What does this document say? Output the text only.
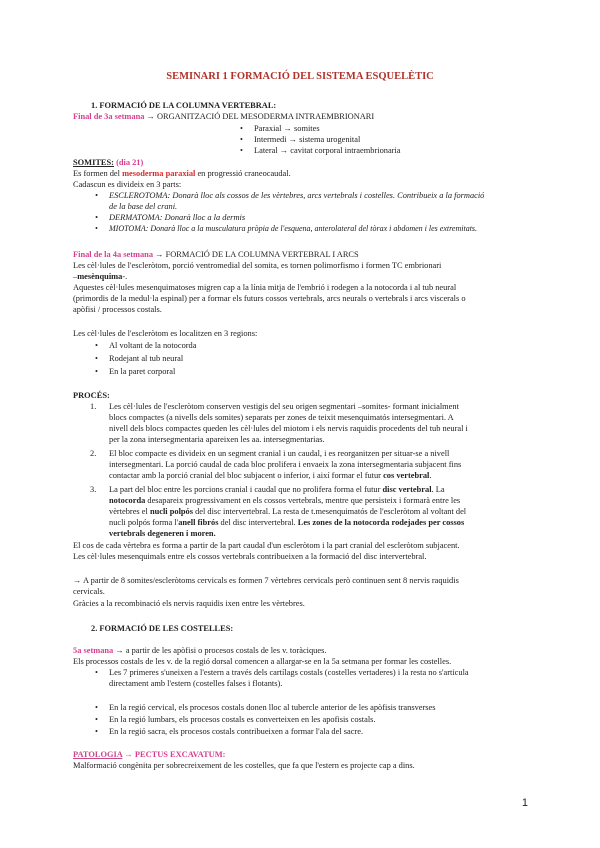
SEMINARI 1 FORMACIÓ DEL SISTEMA ESQUELÈTIC
1. FORMACIÓ DE LA COLUMNA VERTEBRAL:
Final de 3a setmana → ORGANITZACIÓ DEL MESODERMA INTRAEMBRIONARI
• Paraxial → somites
• Intermedi → sistema urogenital
• Lateral → cavitat corporal intraembrionaria
SOMITES: (dia 21)
Es formen del mesoderma paraxial en progressió craneocaudal.
Cadascun es divideix en 3 parts:
• ESCLEROTOMA: Donarà lloc als cossos de les vèrtebres, arcs vertebrals i costelles. Contribueix a la formació
de la base del crani.
• DERMATOMA: Donarà lloc a la dermis
• MIOTOMA: Donarà lloc a la musculatura pròpia de l'esquena, anterolateral del tòrax i abdomen i les extremitats.
Final de la 4a setmana → FORMACIÓ DE LA COLUMNA VERTEBRAL I ARCS
Les cèl·lules de l'escleròtom, porció ventromedial del somita, es tornen polimorfismo i formen TC embrionari
–mesènquima-.
Aquestes cèl·lules mesenquimatoses migren cap a la línia mitja de l'embrió i rodegen a la notocorda i al tub neural
(primordis de la medul·la espinal) per a formar els futurs cossos vertebrals, arcs neurals o vertebrals i arcs viscerals o
apòfisi / processos costals.
Les cèl·lules de l'escleròtom es localitzen en 3 regions:
• Al voltant de la notocorda
• Rodejant al tub neural
• En la paret corporal
PROCÉS:
1. Les cèl·lules de l'escleròtom conserven vestigis del seu origen segmentari –somites- formant inicialment
blocs compactes (a nivells dels somites) separats per zones de teixit mesenquimatós intersegmentari. A
nivell dels blocs compactes queden les cèl·lules del miotom i els nervis raquidis procedents del tub neural i
per la zona intersegmentaria apareixen les aa. intersegmentarias.
2. El bloc compacte es divideix en un segment cranial i un caudal, i es reorganitzen per situar-se a nivell
intersegmentari. La porció caudal de cada bloc prolifera i envaeix la zona intersegmentaria subjacent fins
contactar amb la porció cranial del bloc subjacent o inferior, i així formar el futur cos vertebral.
3. La part del bloc entre les porcions cranial i caudal que no prolifera forma el futur disc vertebral. La
notocorda desapareix progressivament en els cossos vertebrals, mentre que persisteix i formarà entre les
vèrtebres el nucli polpós del disc intervertebral. La resta de t.mesenquimatós de l'escleròtom al voltant del
nucli polpós forma l'anell fibrós del disc intervertebral. Les zones de la notocorda rodejades per cossos
vertebrals degeneren i moren.
El cos de cada vèrtebra es forma a partir de la part caudal d'un escleròtom i la part cranial del escleròtom subjacent.
Les cèl·lules mesenquimals entre els cossos vertebrals contribueixen a la formació del disc intervertebral.
→ A partir de 8 somites/escleròtoms cervicals es formen 7 vèrtebres cervicals però continuen sent 8 nervis raquidis
cervicals.
Gràcies a la recombinació els nervis raquidis ixen entre les vèrtebres.
2. FORMACIÓ DE LES COSTELLES:
5a setmana → a partir de les apòfisi o procesos costals de les v. toràciques.
Els processos costals de les v. de la regió dorsal comencen a allargar-se en la 5a setmana per formar les costelles.
• Les 7 primeres s'uneixen a l'estern a través dels cartílags costals (costelles vertaderes) i la resta no s'articula
directament amb l'estern (costelles falses i flotants).
• En la regió cervical, els procesos costals donen lloc al tubercle anterior de les apòfisis transverses
• En la regió lumbars, els procesos costals es converteixen en les apofisis costals.
• En la regió sacra, els procesos costals contribueixen a formar l'ala del sacre.
PATOLOGIA → PECTUS EXCAVATUM:
Malformació congènita per sobrecreixement de les costelles, que fa que l'estern es projecte cap a dins.
1
